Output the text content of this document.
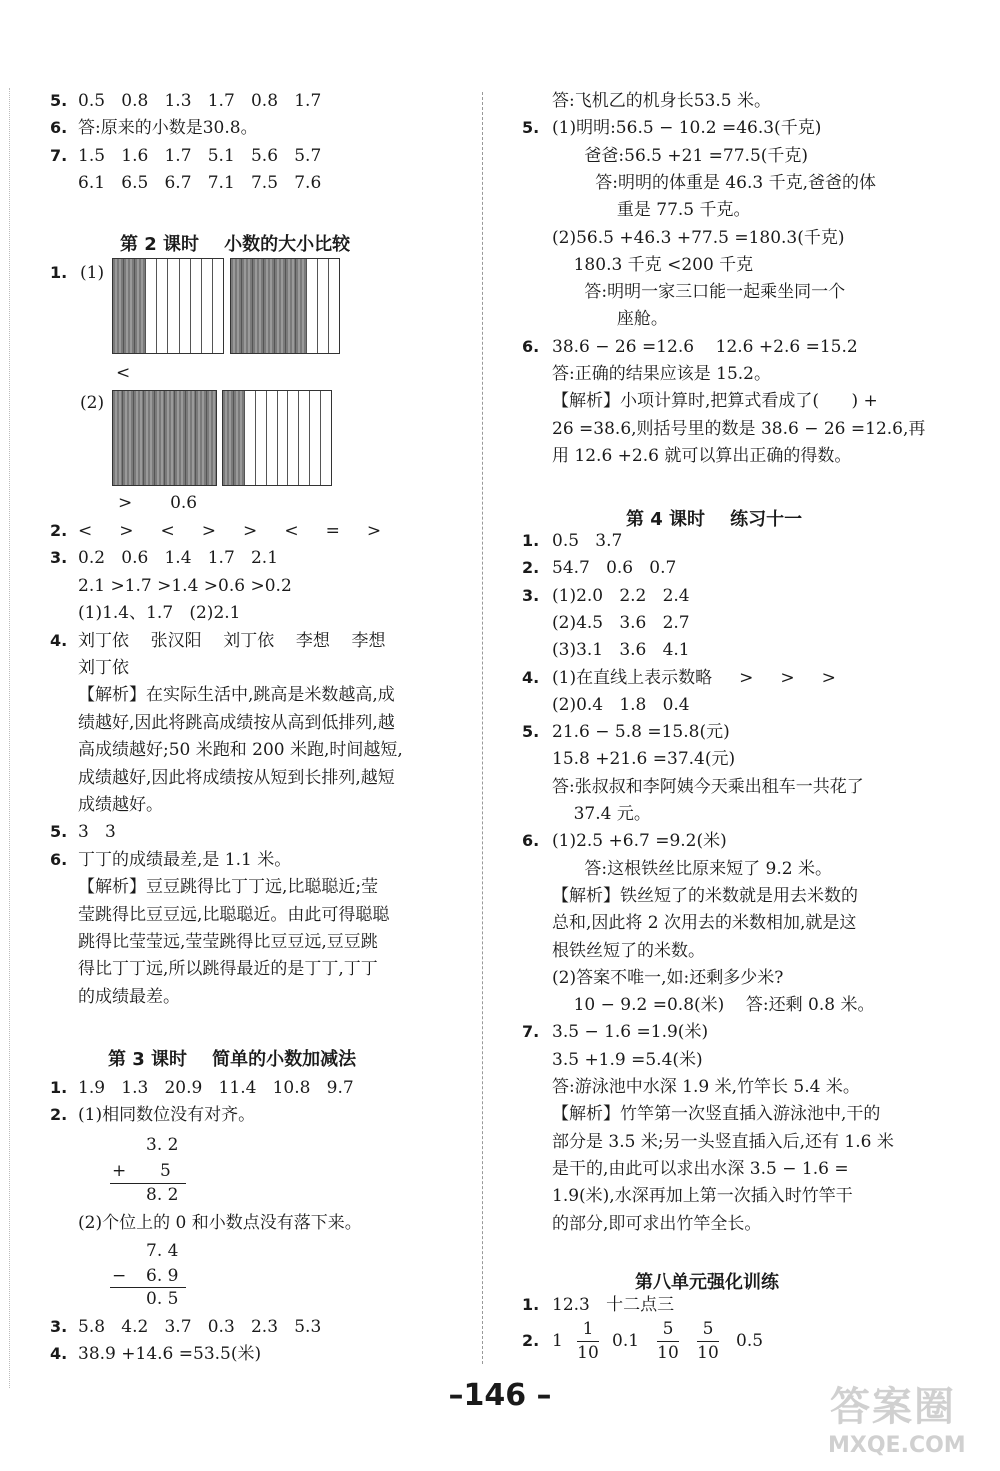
5. 0.5   0.8   1.3   1.7   0.8   1.7
6. 答:原来的小数是30.8。
7. 1.5   1.6   1.7   5.1   5.6   5.7
6.1   6.5   6.7   7.1   7.5   7.6
第 2 课时    小数的大小比较
1. (1)
<
(2)
>       0.6
2. <     >     <     >     >     <     =     >
3. 0.2   0.6   1.4   1.7   2.1
2.1 >1.7 >1.4 >0.6 >0.2
(1)1.4、1.7   (2)2.1
4. 刘丁依    张汉阳    刘丁依    李想    李想
刘丁依
【解析】在实际生活中,跳高是米数越高,成
绩越好,因此将跳高成绩按从高到低排列,越
高成绩越好;50 米跑和 200 米跑,时间越短,
成绩越好,因此将成绩按从短到长排列,越短
成绩越好。
5. 3   3
6. 丁丁的成绩最差,是 1.1 米。
【解析】豆豆跳得比丁丁远,比聪聪近;莹
莹跳得比豆豆远,比聪聪近。由此可得聪聪
跳得比莹莹远,莹莹跳得比豆豆远,豆豆跳
得比丁丁远,所以跳得最近的是丁丁,丁丁
的成绩最差。
第 3 课时    简单的小数加减法
1. 1.9   1.3   20.9   11.4   10.8   9.7
2. (1)相同数位没有对齐。
3. 2
+ 5
8. 2
(2)个位上的 0 和小数点没有落下来。
7. 4
− 6. 9
0. 5
3. 5.8   4.2   3.7   0.3   2.3   5.3
4. 38.9 +14.6 =53.5(米)
答:飞机乙的机身长53.5 米。
5. (1)明明:56.5 − 10.2 =46.3(千克)
爸爸:56.5 +21 =77.5(千克)
答:明明的体重是 46.3 千克,爸爸的体
重是 77.5 千克。
(2)56.5 +46.3 +77.5 =180.3(千克)
180.3 千克 <200 千克
答:明明一家三口能一起乘坐同一个
座舱。
6. 38.6 − 26 =12.6    12.6 +2.6 =15.2
答:正确的结果应该是 15.2。
【解析】小项计算时,把算式看成了(      ) +
26 =38.6,则括号里的数是 38.6 − 26 =12.6,再
用 12.6 +2.6 就可以算出正确的得数。
第 4 课时    练习十一
1. 0.5   3.7
2. 54.7   0.6   0.7
3. (1)2.0   2.2   2.4
(2)4.5   3.6   2.7
(3)3.1   3.6   4.1
4. (1)在直线上表示数略     >     >     >
(2)0.4   1.8   0.4
5. 21.6 − 5.8 =15.8(元)
15.8 +21.6 =37.4(元)
答:张叔叔和李阿姨今天乘出租车一共花了
37.4 元。
6. (1)2.5 +6.7 =9.2(米)
答:这根铁丝比原来短了 9.2 米。
【解析】铁丝短了的米数就是用去米数的
总和,因此将 2 次用去的米数相加,就是这
根铁丝短了的米数。
(2)答案不唯一,如:还剩多少米?
10 − 9.2 =0.8(米)    答:还剩 0.8 米。
7. 3.5 − 1.6 =1.9(米)
3.5 +1.9 =5.4(米)
答:游泳池中水深 1.9 米,竹竿长 5.4 米。
【解析】竹竿第一次竖直插入游泳池中,干的
部分是 3.5 米;另一头竖直插入后,还有 1.6 米
是干的,由此可以求出水深 3.5 − 1.6 =
1.9(米),水深再加上第一次插入时竹竿干
的部分,即可求出竹竿全长。
第八单元强化训练
1. 12.3   十二点三
2. 1
1
10
0.1
5
10
5
10
0.5
–146 –	答案圈
MXQE.COM
